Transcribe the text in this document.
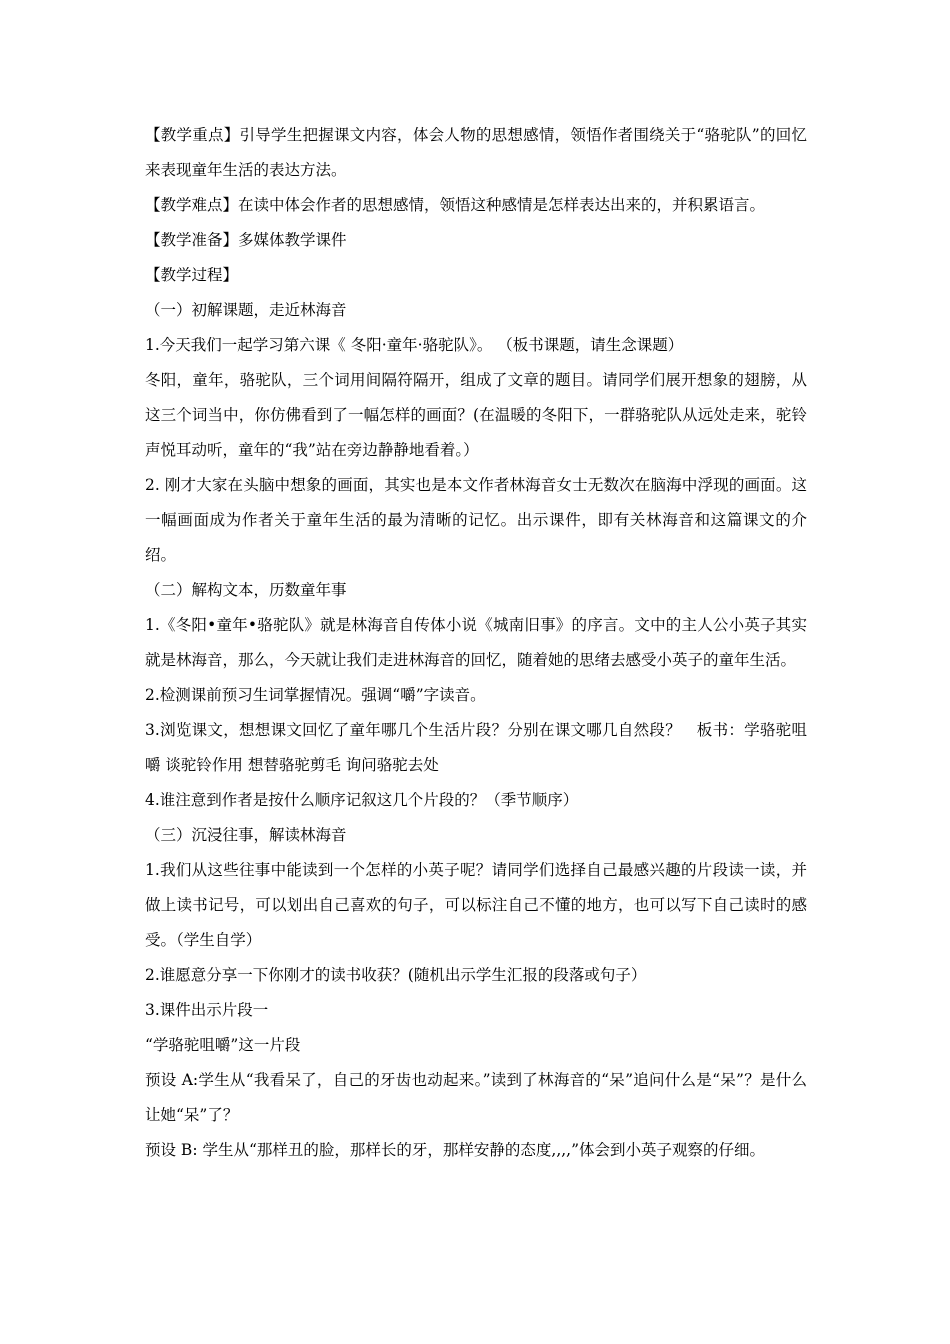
【教学重点】引导学生把握课文内容，体会人物的思想感情，领悟作者围绕关于“骆驼队”的回忆来表现童年生活的表达方法。

【教学难点】在读中体会作者的思想感情，领悟这种感情是怎样表达出来的，并积累语言。

【教学准备】多媒体教学课件

【教学过程】

（一）初解课题，走近林海音

1.今天我们一起学习第六课《 冬阳·童年·骆驼队》。 （板书课题，请生念课题）

冬阳，童年，骆驼队，三个词用间隔符隔开，组成了文章的题目。请同学们展开想象的翅膀，从这三个词当中，你仿佛看到了一幅怎样的画面？(在温暖的冬阳下，一群骆驼队从远处走来，驼铃声悦耳动听，童年的“我”站在旁边静静地看着。）

2. 刚才大家在头脑中想象的画面，其实也是本文作者林海音女士无数次在脑海中浮现的画面。这一幅画面成为作者关于童年生活的最为清晰的记忆。出示课件，即有关林海音和这篇课文的介绍。

（二）解构文本，历数童年事

1.《冬阳•童年•骆驼队》就是林海音自传体小说《城南旧事》的序言。文中的主人公小英子其实就是林海音，那么，今天就让我们走进林海音的回忆，随着她的思绪去感受小英子的童年生活。

2.检测课前预习生词掌握情况。强调“嚼”字读音。

3.浏览课文，想想课文回忆了童年哪几个生活片段？分别在课文哪几自然段？　板书：学骆驼咀嚼 谈驼铃作用 想替骆驼剪毛 询问骆驼去处

4.谁注意到作者是按什么顺序记叙这几个片段的？（季节顺序）

（三）沉浸往事，解读林海音

1.我们从这些往事中能读到一个怎样的小英子呢？请同学们选择自己最感兴趣的片段读一读，并做上读书记号，可以划出自己喜欢的句子，可以标注自己不懂的地方，也可以写下自己读时的感受。（学生自学）

2.谁愿意分享一下你刚才的读书收获？(随机出示学生汇报的段落或句子）

3.课件出示片段一

“学骆驼咀嚼”这一片段

预设 A:学生从“我看呆了，自己的牙齿也动起来。”读到了林海音的“呆”追问什么是“呆”？是什么让她“呆”了？

预设 B: 学生从“那样丑的脸，那样长的牙，那样安静的态度,,,,”体会到小英子观察的仔细。
